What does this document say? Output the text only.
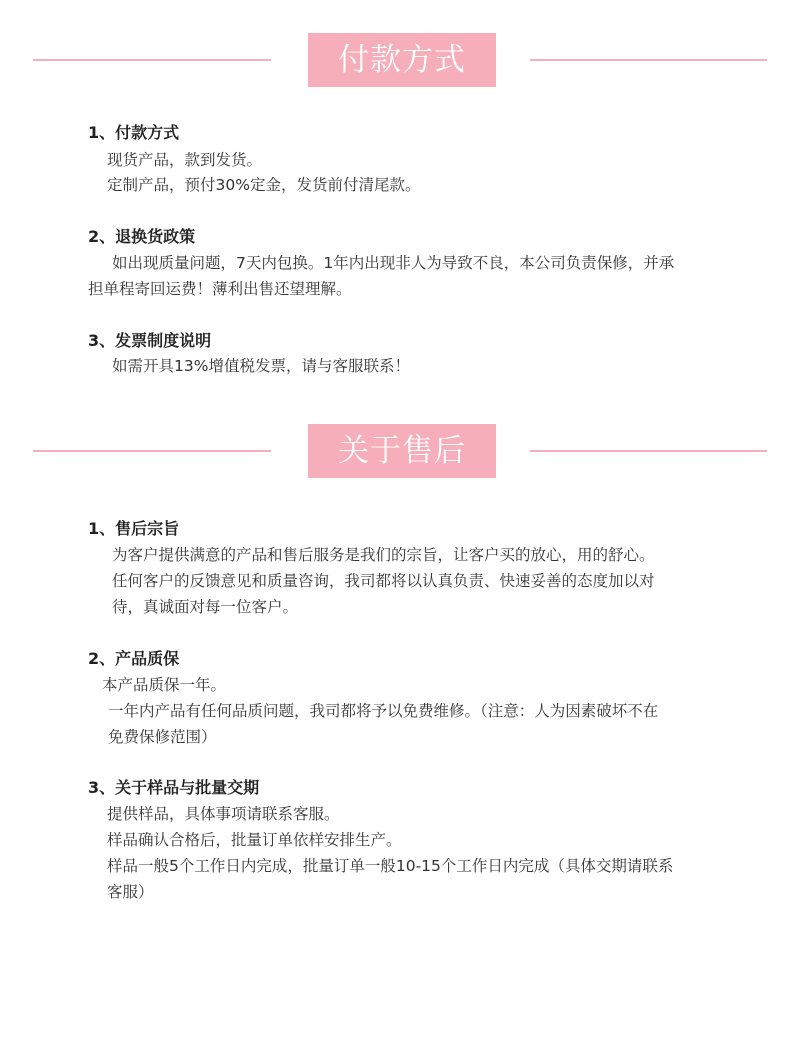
付款方式
1、付款方式
现货产品，款到发货。
定制产品，预付30%定金，发货前付清尾款。
2、退换货政策
如出现质量问题，7天内包换。1年内出现非人为导致不良，本公司负责保修，并承
担单程寄回运费！薄利出售还望理解。
3、发票制度说明
如需开具13%增值税发票，请与客服联系！
关于售后
1、售后宗旨
为客户提供满意的产品和售后服务是我们的宗旨，让客户买的放心，用的舒心。
任何客户的反馈意见和质量咨询，我司都将以认真负责、快速妥善的态度加以对
待，真诚面对每一位客户。
2、产品质保
本产品质保一年。
一年内产品有任何品质问题，我司都将予以免费维修。（注意：人为因素破坏不在
免费保修范围）
3、关于样品与批量交期
提供样品，具体事项请联系客服。
样品确认合格后，批量订单依样安排生产。
样品一般5个工作日内完成，批量订单一般10-15个工作日内完成（具体交期请联系
客服）
